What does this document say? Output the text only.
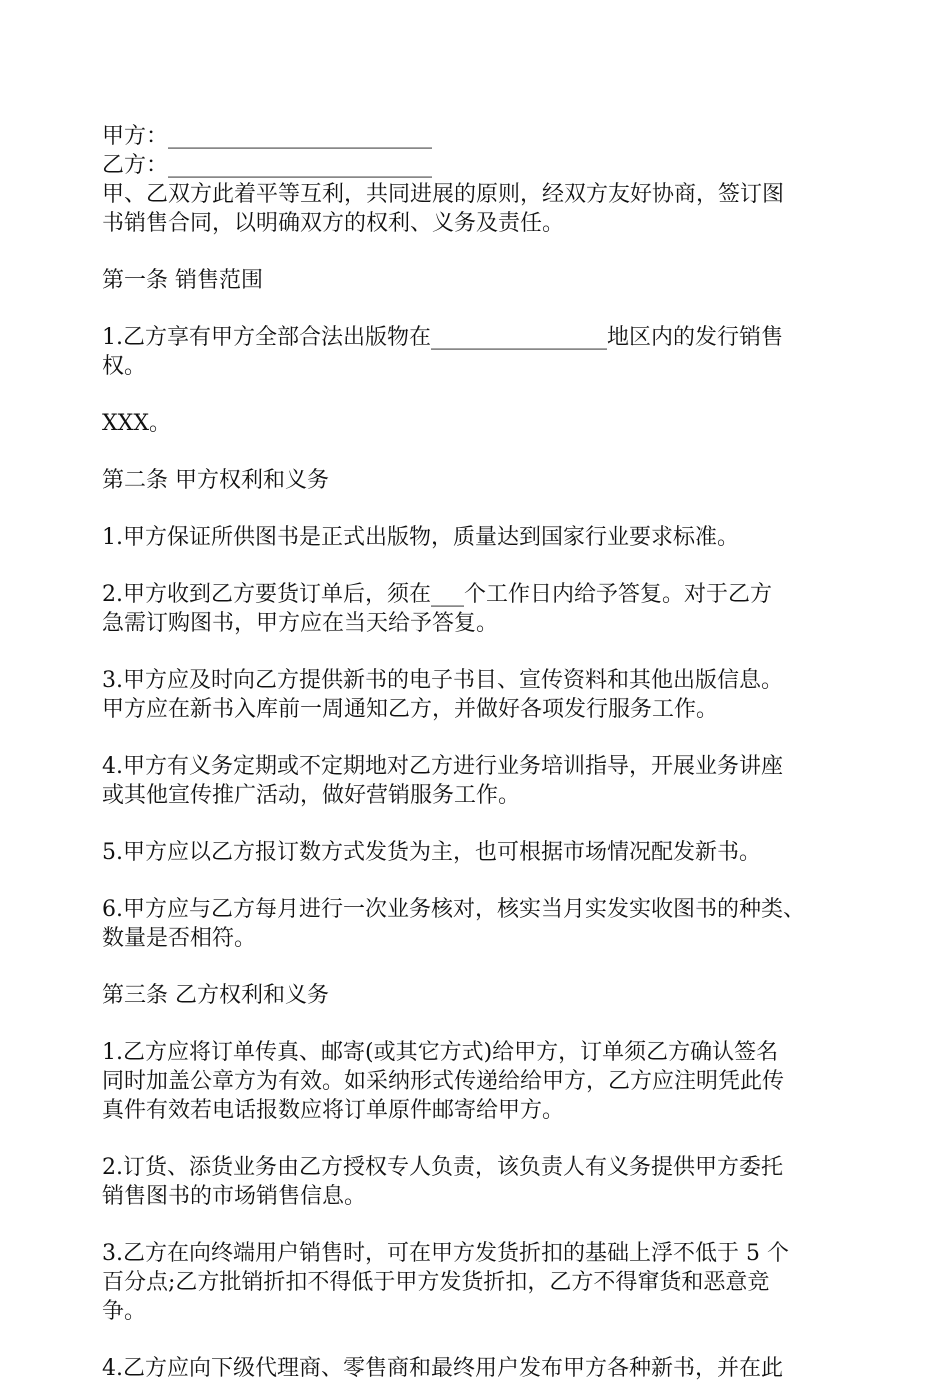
甲方：________________________
乙方：________________________
甲、乙双方此着平等互利，共同进展的原则，经双方友好协商，签订图
书销售合同，以明确双方的权利、义务及责任。
第一条 销售范围
1.乙方享有甲方全部合法出版物在________________地区内的发行销售
权。
XXX。
第二条 甲方权利和义务
1.甲方保证所供图书是正式出版物，质量达到国家行业要求标准。
2.甲方收到乙方要货订单后，须在___个工作日内给予答复。对于乙方
急需订购图书，甲方应在当天给予答复。
3.甲方应及时向乙方提供新书的电子书目、宣传资料和其他出版信息。
甲方应在新书入库前一周通知乙方，并做好各项发行服务工作。
4.甲方有义务定期或不定期地对乙方进行业务培训指导，开展业务讲座
或其他宣传推广活动，做好营销服务工作。
5.甲方应以乙方报订数方式发货为主，也可根据市场情况配发新书。
6.甲方应与乙方每月进行一次业务核对，核实当月实发实收图书的种类、
数量是否相符。
第三条 乙方权利和义务
1.乙方应将订单传真、邮寄(或其它方式)给甲方，订单须乙方确认签名
同时加盖公章方为有效。如采纳形式传递给给甲方，乙方应注明凭此传
真件有效若电话报数应将订单原件邮寄给甲方。
2.订货、添货业务由乙方授权专人负责，该负责人有义务提供甲方委托
销售图书的市场销售信息。
3.乙方在向终端用户销售时，可在甲方发货折扣的基础上浮不低于 5 个
百分点;乙方批销折扣不得低于甲方发货折扣，乙方不得窜货和恶意竞
争。
4.乙方应向下级代理商、零售商和最终用户发布甲方各种新书，并在此
